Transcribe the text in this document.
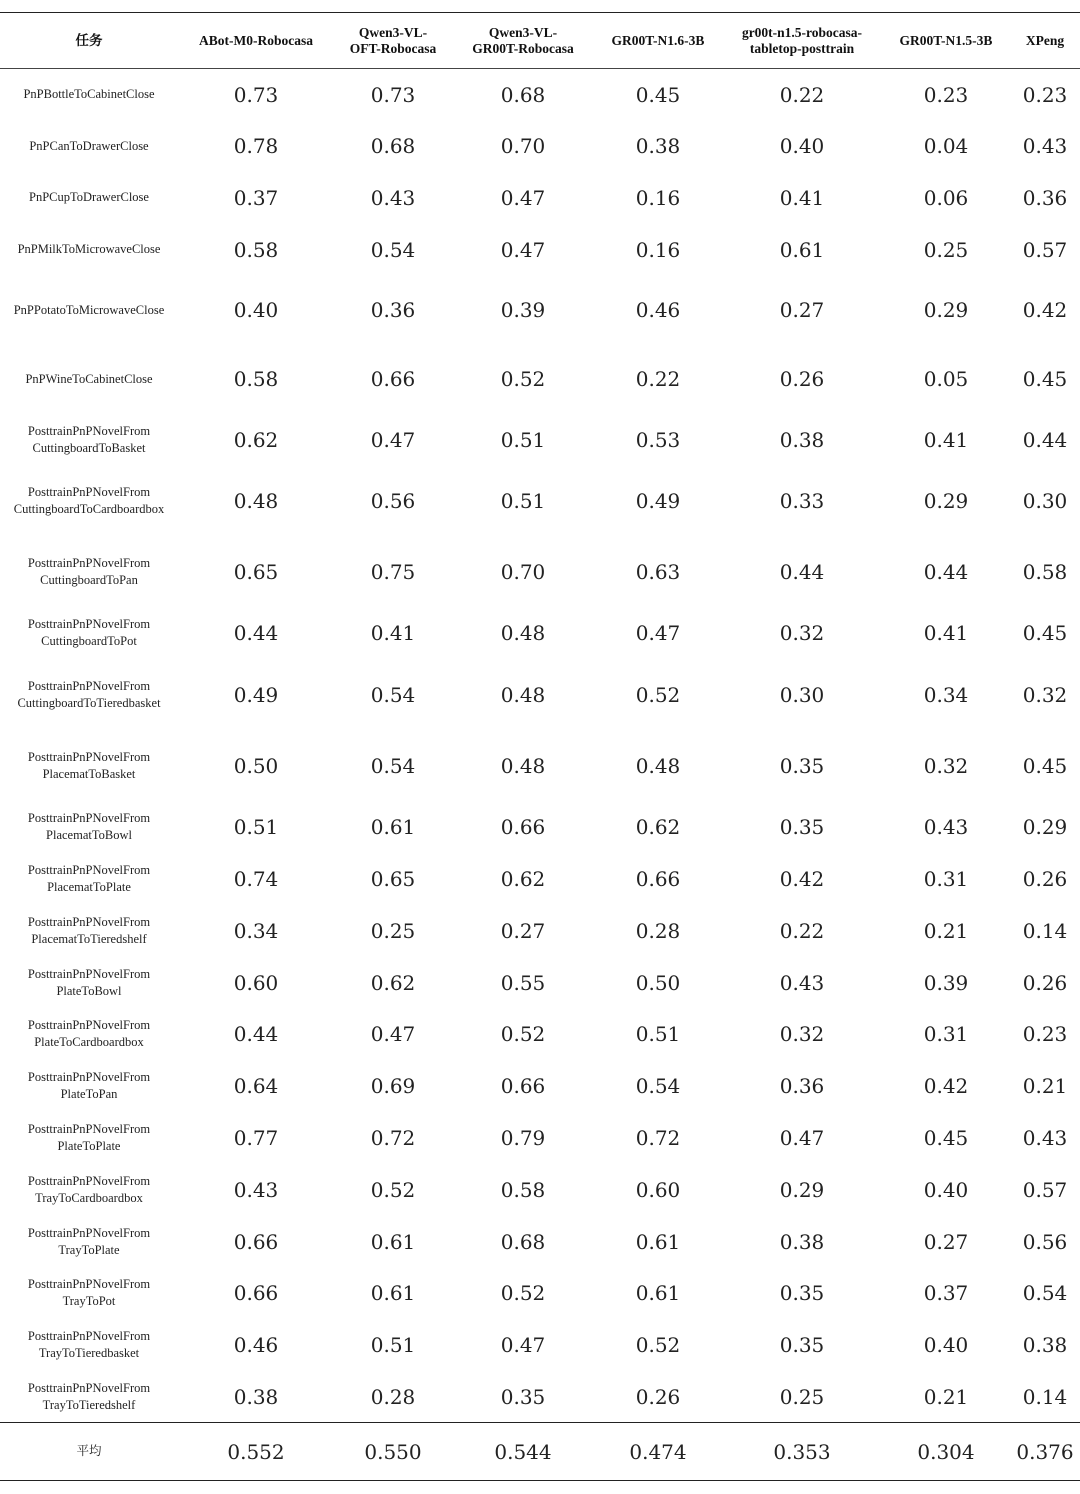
任务	ABot-M0-Robocasa	Qwen3-VL-
OFT-Robocasa	Qwen3-VL-
GR00T-Robocasa	GR00T-N1.6-3B	gr00t-n1.5-robocasa-
tabletop-posttrain	GR00T-N1.5-3B	XPeng
PnPBottleToCabinetClose	0.73	0.73	0.68	0.45	0.22	0.23	0.23
PnPCanToDrawerClose	0.78	0.68	0.70	0.38	0.40	0.04	0.43
PnPCupToDrawerClose	0.37	0.43	0.47	0.16	0.41	0.06	0.36
PnPMilkToMicrowaveClose	0.58	0.54	0.47	0.16	0.61	0.25	0.57
PnPPotatoToMicrowaveClose	0.40	0.36	0.39	0.46	0.27	0.29	0.42
PnPWineToCabinetClose	0.58	0.66	0.52	0.22	0.26	0.05	0.45
PosttrainPnPNovelFrom
CuttingboardToBasket	0.62	0.47	0.51	0.53	0.38	0.41	0.44
PosttrainPnPNovelFrom
CuttingboardToCardboardbox	0.48	0.56	0.51	0.49	0.33	0.29	0.30
PosttrainPnPNovelFrom
CuttingboardToPan	0.65	0.75	0.70	0.63	0.44	0.44	0.58
PosttrainPnPNovelFrom
CuttingboardToPot	0.44	0.41	0.48	0.47	0.32	0.41	0.45
PosttrainPnPNovelFrom
CuttingboardToTieredbasket	0.49	0.54	0.48	0.52	0.30	0.34	0.32
PosttrainPnPNovelFrom
PlacematToBasket	0.50	0.54	0.48	0.48	0.35	0.32	0.45
PosttrainPnPNovelFrom
PlacematToBowl	0.51	0.61	0.66	0.62	0.35	0.43	0.29
PosttrainPnPNovelFrom
PlacematToPlate	0.74	0.65	0.62	0.66	0.42	0.31	0.26
PosttrainPnPNovelFrom
PlacematToTieredshelf	0.34	0.25	0.27	0.28	0.22	0.21	0.14
PosttrainPnPNovelFrom
PlateToBowl	0.60	0.62	0.55	0.50	0.43	0.39	0.26
PosttrainPnPNovelFrom
PlateToCardboardbox	0.44	0.47	0.52	0.51	0.32	0.31	0.23
PosttrainPnPNovelFrom
PlateToPan	0.64	0.69	0.66	0.54	0.36	0.42	0.21
PosttrainPnPNovelFrom
PlateToPlate	0.77	0.72	0.79	0.72	0.47	0.45	0.43
PosttrainPnPNovelFrom
TrayToCardboardbox	0.43	0.52	0.58	0.60	0.29	0.40	0.57
PosttrainPnPNovelFrom
TrayToPlate	0.66	0.61	0.68	0.61	0.38	0.27	0.56
PosttrainPnPNovelFrom
TrayToPot	0.66	0.61	0.52	0.61	0.35	0.37	0.54
PosttrainPnPNovelFrom
TrayToTieredbasket	0.46	0.51	0.47	0.52	0.35	0.40	0.38
PosttrainPnPNovelFrom
TrayToTieredshelf	0.38	0.28	0.35	0.26	0.25	0.21	0.14
平均	0.552	0.550	0.544	0.474	0.353	0.304	0.376
